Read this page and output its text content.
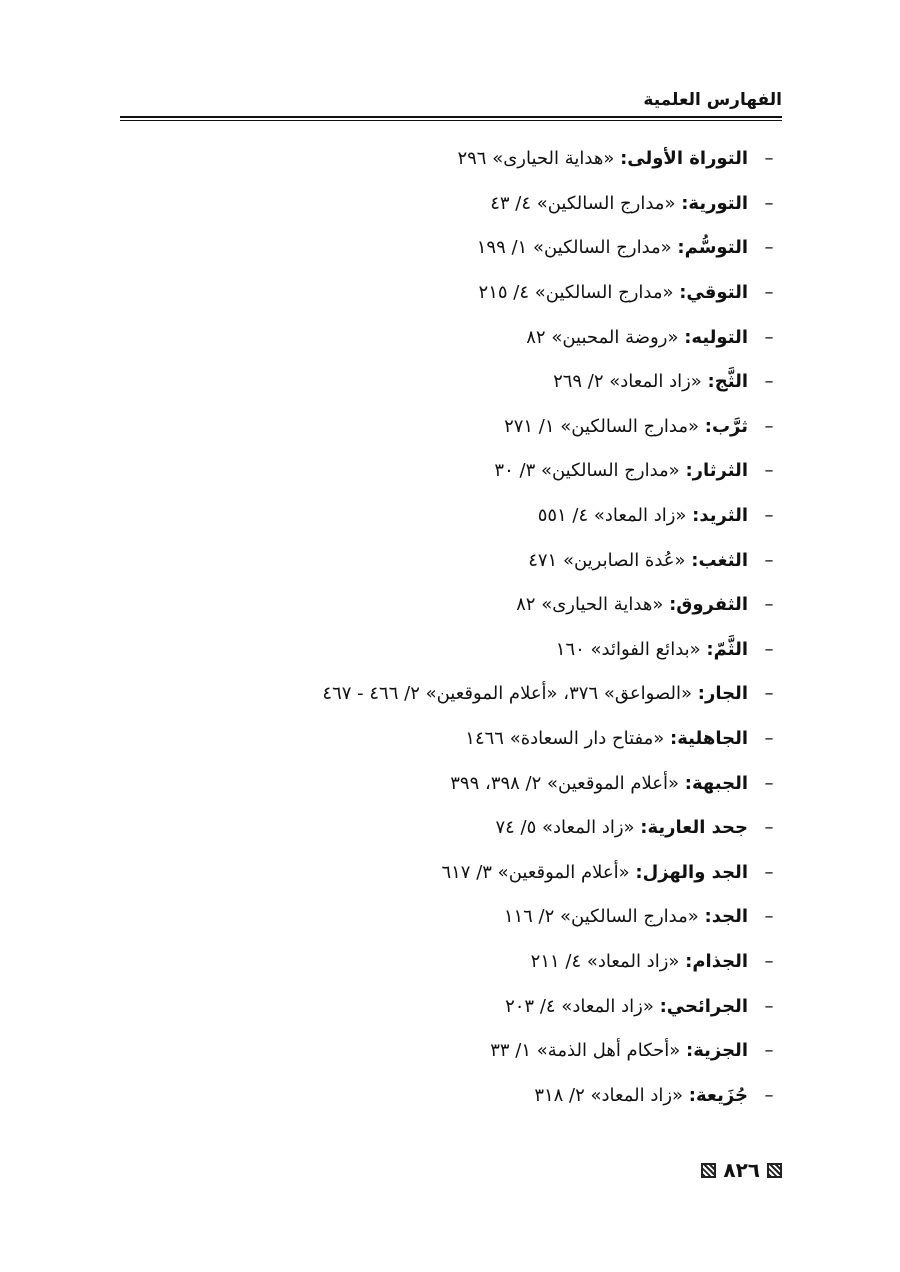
الفهارس العلمية
–
التوراة الأولى:

«هداية الحيارى» ٢٩٦
–
التورية:

«مدارج السالكين» ٤/ ٤٣
–
التوسُّم:

«مدارج السالكين» ١/ ١٩٩
–
التوقي:

«مدارج السالكين» ٤/ ٢١٥
–
التوليه:

«روضة المحبين» ٨٢
–
الثَّج:

«زاد المعاد» ٢/ ٢٦٩
–
ثرَّب:

«مدارج السالكين» ١/ ٢٧١
–
الثرثار:

«مدارج السالكين» ٣/ ٣٠
–
الثريد:

«زاد المعاد» ٤/ ٥٥١
–
الثغب:

«عُدة الصابرين» ٤٧١
–
الثفروق:

«هداية الحيارى» ٨٢
–
الثَّمّ:

«بدائع الفوائد» ١٦٠
–
الجار:

«الصواعق» ٣٧٦، «أعلام الموقعين» ٢/ ٤٦٦ - ٤٦٧
–
الجاهلية:

«مفتاح دار السعادة» ١٤٦٦
–
الجبهة:

«أعلام الموقعين» ٢/ ٣٩٨، ٣٩٩
–
جحد العارية:

«زاد المعاد» ٥/ ٧٤
–
الجد والهزل:

«أعلام الموقعين» ٣/ ٦١٧
–
الجد:

«مدارج السالكين» ٢/ ١١٦
–
الجذام:

«زاد المعاد» ٤/ ٢١١
–
الجرائحي:

«زاد المعاد» ٤/ ٢٠٣
–
الجزية:

«أحكام أهل الذمة» ١/ ٣٣
–
جُزَيعة:

«زاد المعاد» ٢/ ٣١٨
٨٢٦
